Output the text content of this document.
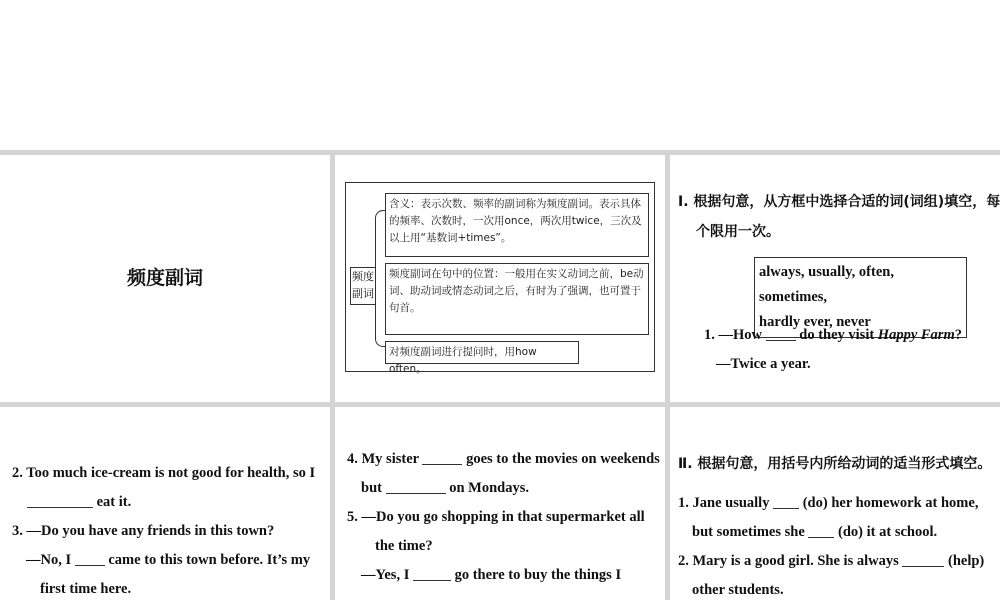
频度副词	频度副词
含义：表示次数、频率的副词称为频度副词。表示具体的频率、次数时，一次用once，两次用twice，三次及以上用“基数词+times”。
频度副词在句中的位置：一般用在实义动词之前，be动词、助动词或情态动词之后，有时为了强调，也可置于句首。
对频度副词进行提问时，用how often。
Ⅰ. 根据句意，从方框中选择合适的词(词组)填空，每
个限用一次。
always, usually, often, sometimes,
hardly ever, never
1. —How	do they visit Happy Farm?
—Twice a year.
2. Too much ice-cream is not good for health, so I
eat it.
3. —Do you have any friends in this town?
—No, I	came to this town before. It’s my
first time here.
4. My sister	goes to the movies on weekends
but	on Mondays.
5. —Do you go shopping in that supermarket all
the time?
—Yes, I	go there to buy the things I
Ⅱ. 根据句意，用括号内所给动词的适当形式填空。
1. Jane usually (do) her homework at home,
but sometimes she (do) it at school.
2. Mary is a good girl. She is always	(help)
other students.
